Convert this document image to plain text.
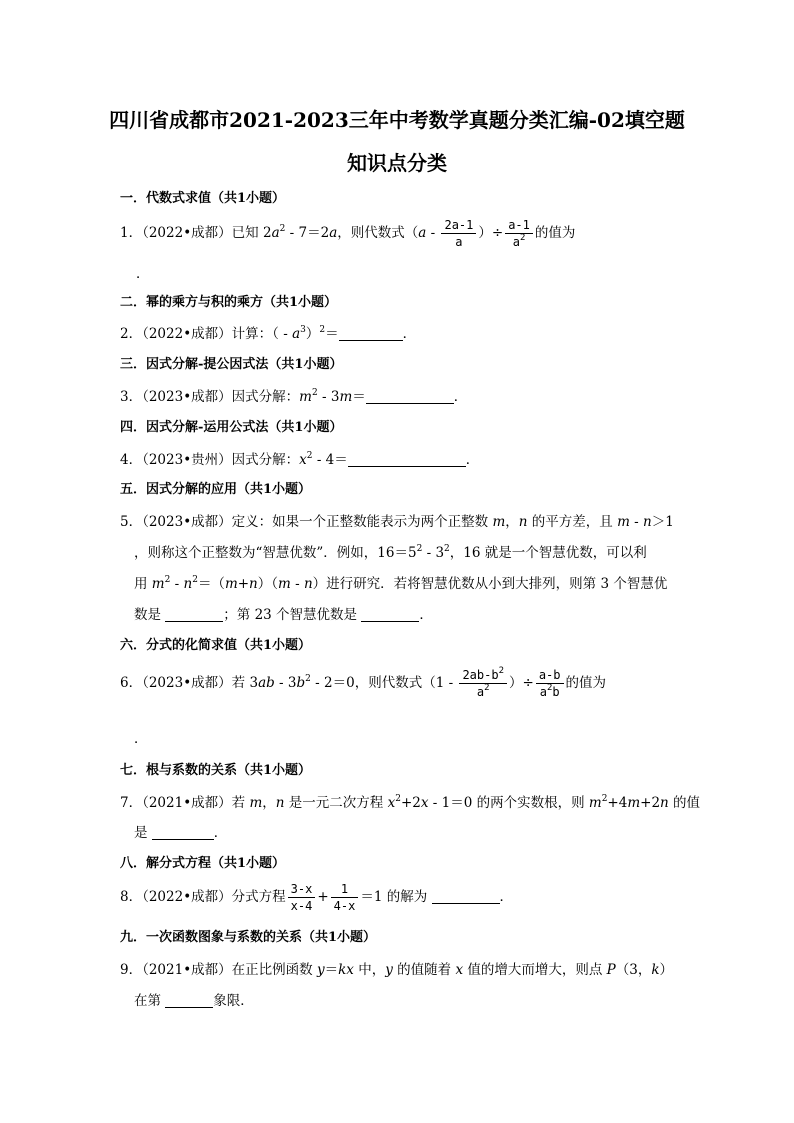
四川省成都市2021-2023三年中考数学真题分类汇编-02填空题
知识点分类
一．代数式求值（共1小题）
1．（2022•成都）已知 $2a^2 - 7=2a$，则代数式（$a - \frac{2a-1}{a}$ ）÷ $\frac{a-1}{a^2}$ 的值为
．
二．幂的乘方与积的乘方（共1小题）
2．（2022•成都）计算：（ - $a^3)^2=$	．
三．因式分解-提公因式法（共1小题）
3．（2023•成都）因式分解：$m^2 - 3m=$	．
四．因式分解-运用公式法（共1小题）
4．（2023•贵州）因式分解：$x^2 - 4=$	．
五．因式分解的应用（共1小题）
5．（2023•成都）定义：如果一个正整数能表示为两个正整数 m，n 的平方差，且 m - n＞1
，则称这个正整数为“智慧优数”．例如，$16=5^2 - 3^2$，16 就是一个智慧优数，可以利
用 $m^2 - n^2=(m+n)(m - n)$进行研究．若将智慧优数从小到大排列，则第 3 个智慧优
数是	；第 23 个智慧优数是	．
六．分式的化简求值（共1小题）
6．（2023•成都）若 $3ab - 3b^2 - 2=0$，则代数式（$1 - \frac{2ab-b^2}{a^2}$ ）÷ $\frac{a-b}{a^2b}$ 的值为
．
七．根与系数的关系（共1小题）
7．（2021•成都）若 m，n 是一元二次方程 $x^2+2x - 1=0$ 的两个实数根，则 $m^2+4m+2n$ 的值
是	．
八．解分式方程（共1小题）
8．（2022•成都）分式方程 $\frac{3-x}{x-4} + \frac{1}{4-x} =1$ 的解为	．
九．一次函数图象与系数的关系（共1小题）
9．（2021•成都）在正比例函数 y＝kx 中，y 的值随着 x 值的增大而增大，则点 P（3，k）
在第	象限．
